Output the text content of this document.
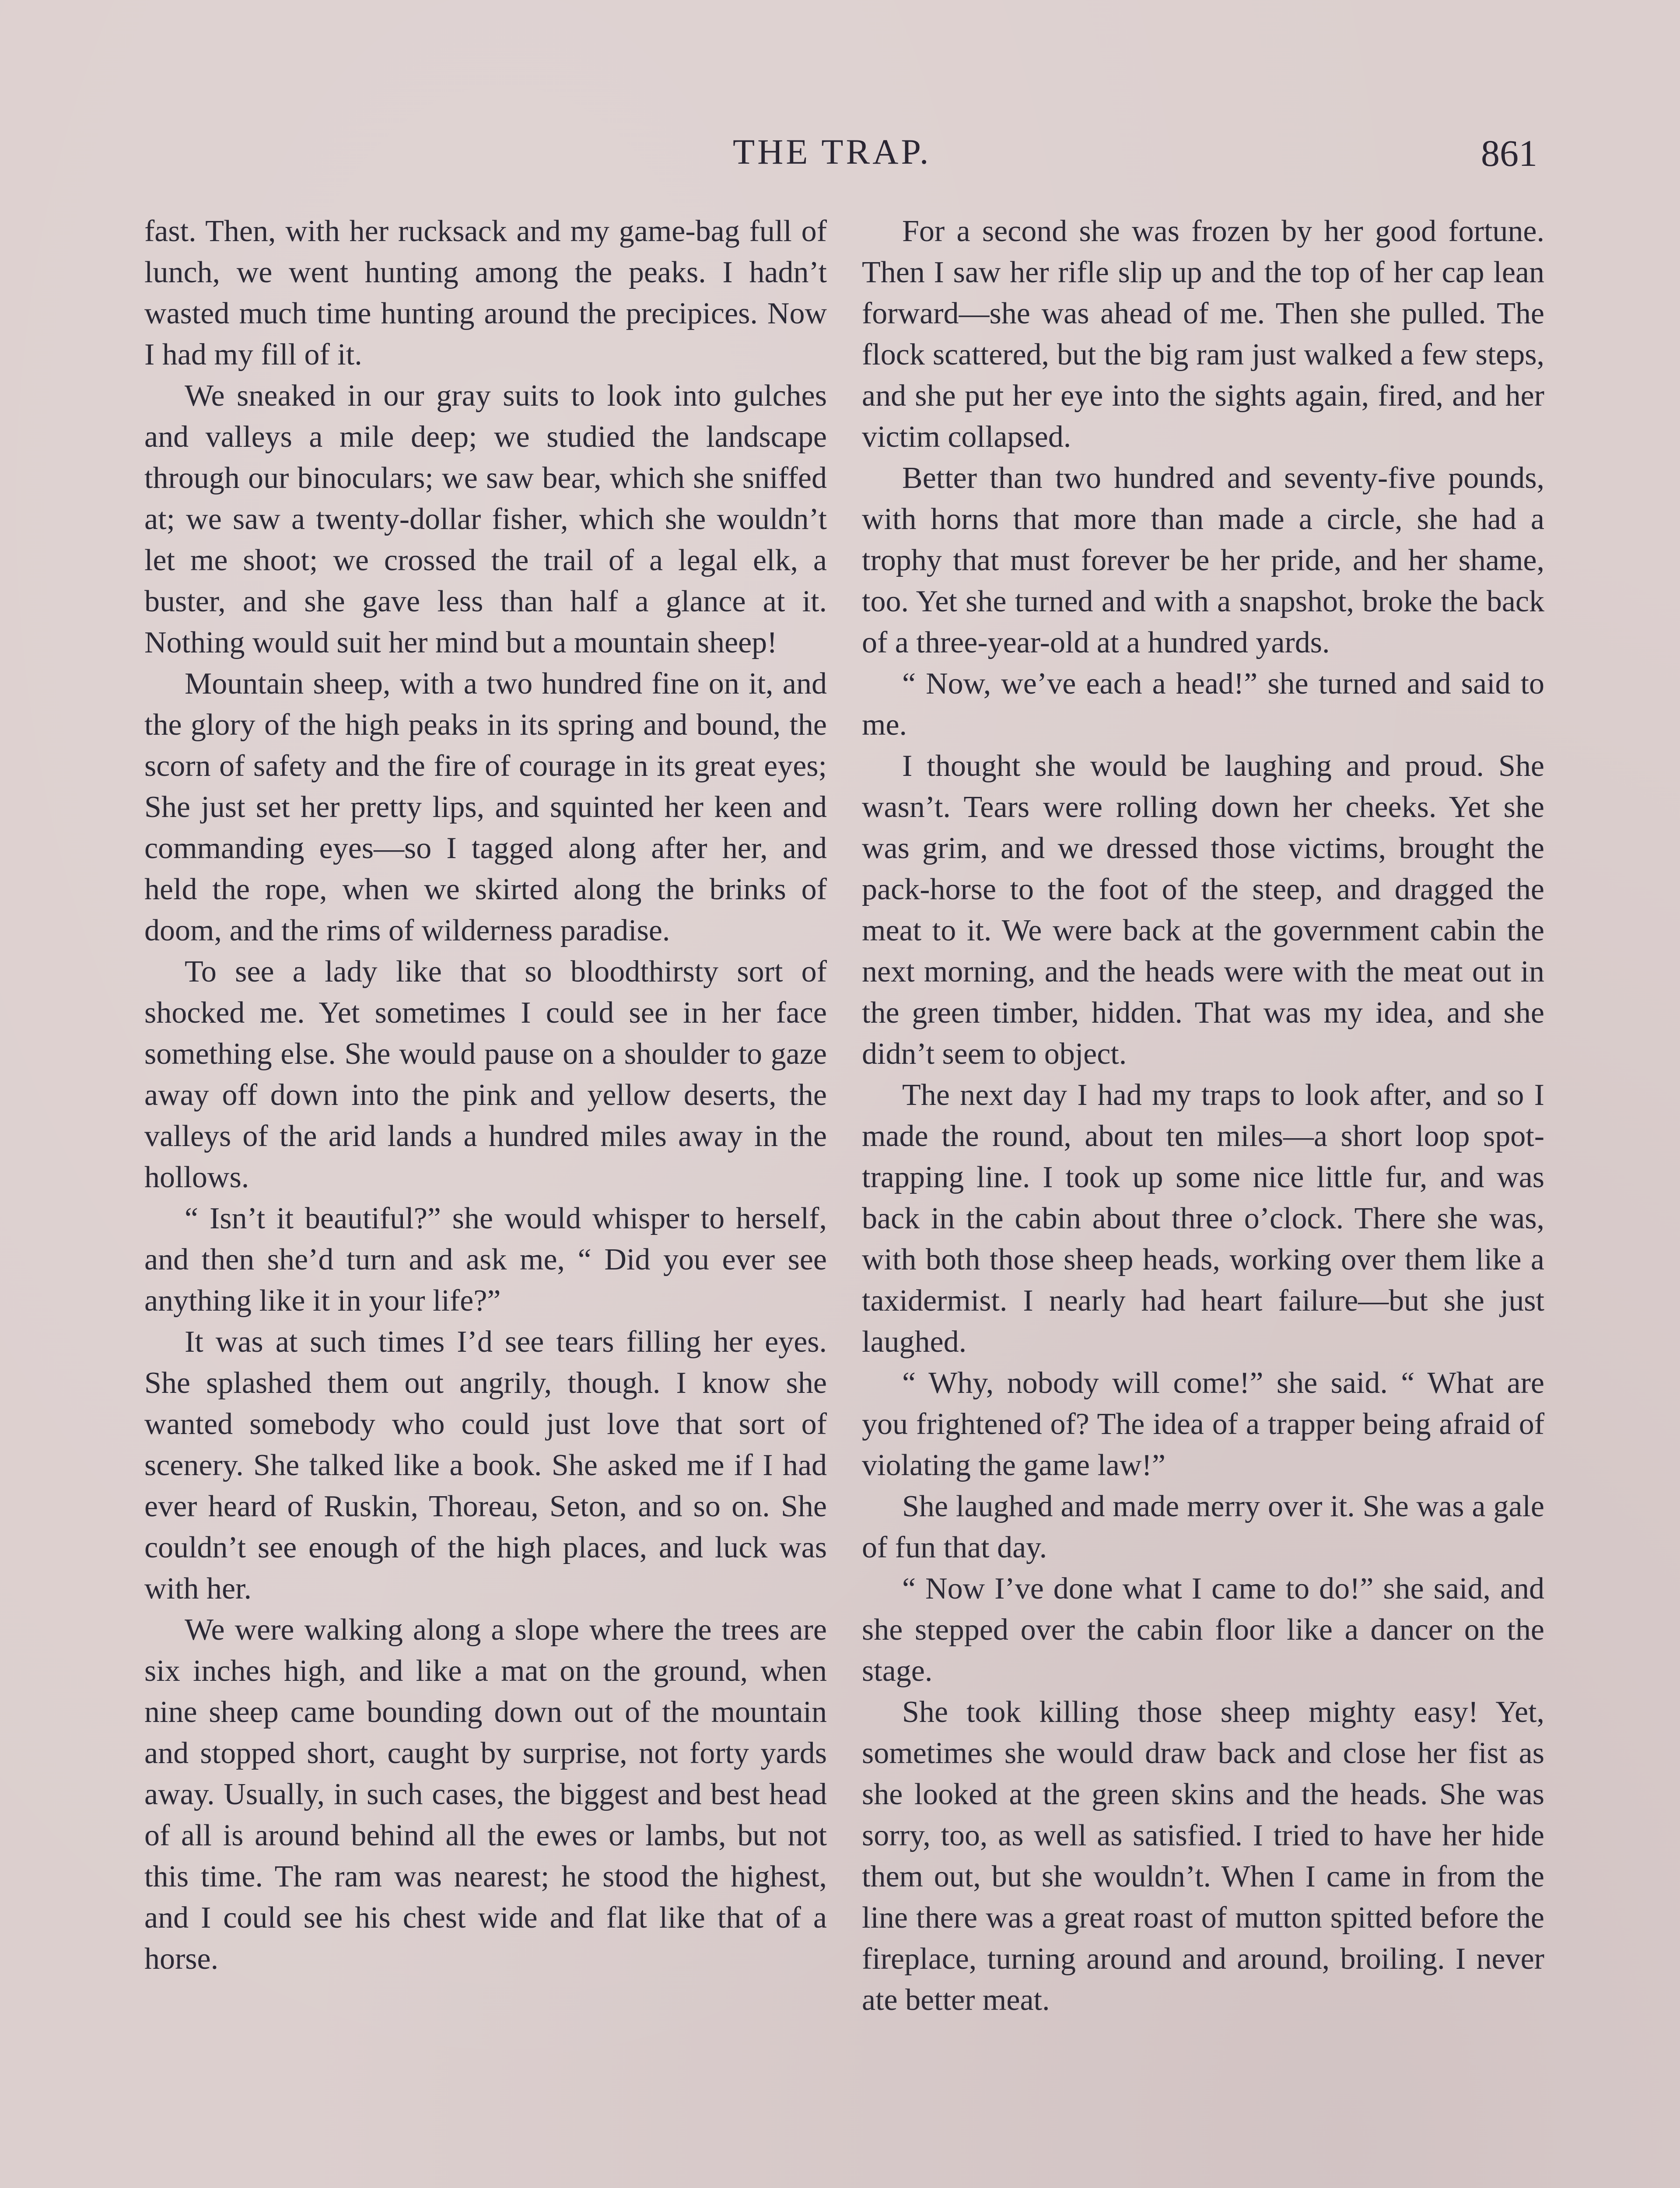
THE TRAP.	861

fast. Then, with her rucksack and my game-bag full of lunch, we went hunting among the peaks. I hadn’t wasted much time hunting around the precipices. Now I had my fill of it.

We sneaked in our gray suits to look into gulches and valleys a mile deep; we studied the landscape through our binoculars; we saw bear, which she sniffed at; we saw a twenty-dollar fisher, which she wouldn’t let me shoot; we crossed the trail of a legal elk, a buster, and she gave less than half a glance at it. Nothing would suit her mind but a mountain sheep!

Mountain sheep, with a two hundred fine on it, and the glory of the high peaks in its spring and bound, the scorn of safety and the fire of courage in its great eyes; She just set her pretty lips, and squinted her keen and commanding eyes—so I tagged along after her, and held the rope, when we skirted along the brinks of doom, and the rims of wilderness paradise.

To see a lady like that so bloodthirsty sort of shocked me. Yet sometimes I could see in her face something else. She would pause on a shoulder to gaze away off down into the pink and yellow deserts, the valleys of the arid lands a hundred miles away in the hollows.

“ Isn’t it beautiful?” she would whisper to herself, and then she’d turn and ask me, “ Did you ever see anything like it in your life?”

It was at such times I’d see tears filling her eyes. She splashed them out angrily, though. I know she wanted somebody who could just love that sort of scenery. She talked like a book. She asked me if I had ever heard of Ruskin, Thoreau, Seton, and so on. She couldn’t see enough of the high places, and luck was with her.

We were walking along a slope where the trees are six inches high, and like a mat on the ground, when nine sheep came bounding down out of the mountain and stopped short, caught by surprise, not forty yards away. Usually, in such cases, the biggest and best head of all is around behind all the ewes or lambs, but not this time. The ram was nearest; he stood the highest, and I could see his chest wide and flat like that of a horse.

For a second she was frozen by her good fortune. Then I saw her rifle slip up and the top of her cap lean forward—she was ahead of me. Then she pulled. The flock scattered, but the big ram just walked a few steps, and she put her eye into the sights again, fired, and her victim collapsed.

Better than two hundred and seventy-five pounds, with horns that more than made a circle, she had a trophy that must forever be her pride, and her shame, too. Yet she turned and with a snapshot, broke the back of a three-year-old at a hundred yards.

“ Now, we’ve each a head!” she turned and said to me.

I thought she would be laughing and proud. She wasn’t. Tears were rolling down her cheeks. Yet she was grim, and we dressed those victims, brought the pack-horse to the foot of the steep, and dragged the meat to it. We were back at the government cabin the next morning, and the heads were with the meat out in the green timber, hidden. That was my idea, and she didn’t seem to object.

The next day I had my traps to look after, and so I made the round, about ten miles—a short loop spot-trapping line. I took up some nice little fur, and was back in the cabin about three o’clock. There she was, with both those sheep heads, working over them like a taxidermist. I nearly had heart failure—but she just laughed.

“ Why, nobody will come!” she said. “ What are you frightened of? The idea of a trapper being afraid of violating the game law!”

She laughed and made merry over it. She was a gale of fun that day.

“ Now I’ve done what I came to do!” she said, and she stepped over the cabin floor like a dancer on the stage.

She took killing those sheep mighty easy! Yet, sometimes she would draw back and close her fist as she looked at the green skins and the heads. She was sorry, too, as well as satisfied. I tried to have her hide them out, but she wouldn’t. When I came in from the line there was a great roast of mutton spitted before the fireplace, turning around and around, broiling. I never ate better meat.
